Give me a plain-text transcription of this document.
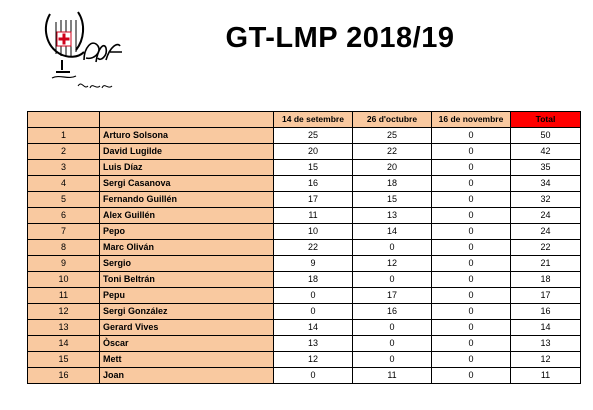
GT-LMP 2018/19
		14 de setembre	26 d'octubre	16 de novembre	Total
1	Arturo Solsona	25	25	0	50
2	David Lugilde	20	22	0	42
3	Luis Díaz	15	20	0	35
4	Sergi Casanova	16	18	0	34
5	Fernando Guillén	17	15	0	32
6	Alex Guillén	11	13	0	24
7	Pepo	10	14	0	24
8	Marc Oliván	22	0	0	22
9	Sergio	9	12	0	21
10	Toni Beltrán	18	0	0	18
11	Pepu	0	17	0	17
12	Sergi González	0	16	0	16
13	Gerard Vives	14	0	0	14
14	Òscar	13	0	0	13
15	Mett	12	0	0	12
16	Joan	0	11	0	11
